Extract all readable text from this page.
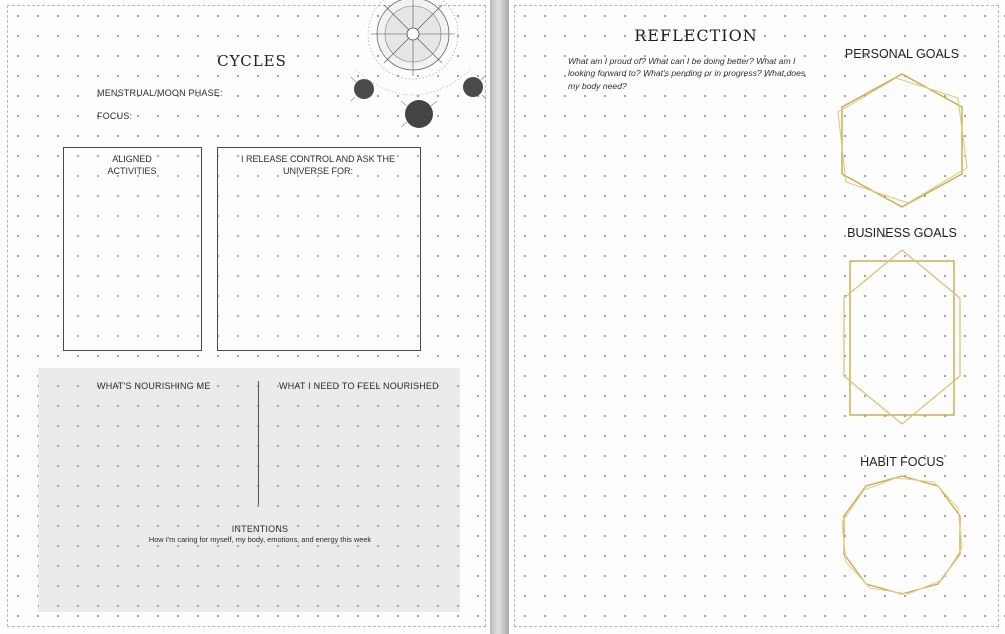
CYCLES
MENSTRUAL/MOON PHASE:
FOCUS:
ALIGNED
ACTIVITIES
I RELEASE CONTROL AND ASK THE
UNIVERSE FOR:
WHAT'S NOURISHING ME	WHAT I NEED TO FEEL NOURISHED
INTENTIONS
How I'm caring for myself, my body, emotions, and energy this week
REFLECTION
What am I proud of? What can I be doing better? What am I
looking forward to? What's pending or in progress? What does
my body need?
PERSONAL GOALS
BUSINESS GOALS
HABIT FOCUS
